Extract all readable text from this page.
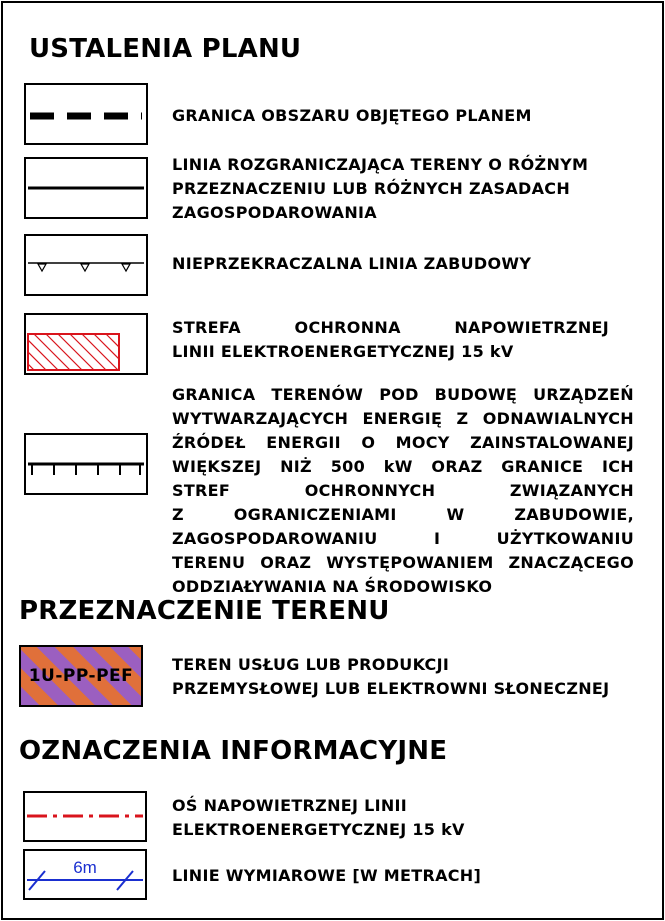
USTALENIA PLANU
GRANICA OBSZARU OBJĘTEGO PLANEM
LINIA ROZGRANICZAJĄCA TERENY O RÓŻNYM
PRZEZNACZENIU LUB RÓŻNYCH ZASADACH
ZAGOSPODAROWANIA
NIEPRZEKRACZALNA LINIA ZABUDOWY
STREFA OCHRONNA NAPOWIETRZNEJ
LINII ELEKTROENERGETYCZNEJ 15 kV
GRANICA TERENÓW POD BUDOWĘ URZĄDZEŃ
WYTWARZAJĄCYCH ENERGIĘ Z ODNAWIALNYCH
ŹRÓDEŁ ENERGII O MOCY ZAINSTALOWANEJ
WIĘKSZEJ NIŻ 500 kW ORAZ GRANICE ICH
STREF OCHRONNYCH ZWIĄZANYCH
Z OGRANICZENIAMI W ZABUDOWIE,
ZAGOSPODAROWANIU I UŻYTKOWANIU
TERENU ORAZ WYSTĘPOWANIEM ZNACZĄCEGO
ODDZIAŁYWANIA NA ŚRODOWISKO
PRZEZNACZENIE TERENU
1U-PP-PEF
TEREN USŁUG LUB PRODUKCJI
PRZEMYSŁOWEJ LUB ELEKTROWNI SŁONECZNEJ
OZNACZENIA INFORMACYJNE
OŚ NAPOWIETRZNEJ LINII
ELEKTROENERGETYCZNEJ 15 kV
6m	LINIE WYMIAROWE [W METRACH]
